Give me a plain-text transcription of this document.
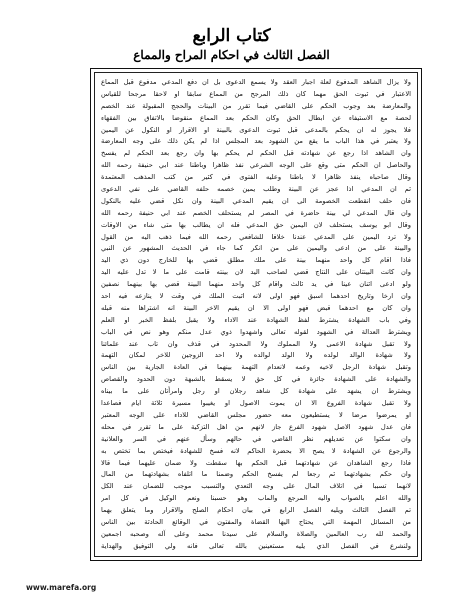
كتاب الرابع
الفصل الثالث في احكام المراح والمماع
ولا يزال الشاهد المدفوع لعلة اجبار العقد ولا يسمع الدعوى بل ان دفع المدعي مدفوع قبل المماع
الاعتبار في ثبوت الحق مهما كان ذلك المرجح من المماع سابقا او لاحقا مرجحا للقياس
والمعارضة بعد وجوب الحكم على القاضي فيما تقرر من البينات والحجج المقبولة عند الخصم
لحصة مع الاستيفاء عن ابطال الحق وكان الحكم بعد المماع منقوضا بالاتفاق بين الفقهاء
فلا يجوز له ان يحكم بالمدعى قبل ثبوت الدعوى بالبينة او الاقرار او النكول عن اليمين
ولا يعتبر في هذا الباب ما يقع من الشهود بعد المجلس اذا لم يكن ذلك على وجه المعارضة
وان الشاهد اذا رجع عن شهادته قبل الحكم لم يحكم بها وان رجع بعد الحكم لم يفسخ
والحاصل ان الحكم متى وقع على الوجه الشرعي نفذ ظاهرا وباطنا عند ابي حنيفة رحمه الله
وقال صاحباه ينفذ ظاهرا لا باطنا وعليه الفتوى في كثير من كتب المذهب المعتمدة
ثم ان المدعي اذا عجز عن البينة وطلب يمين خصمه حلفه القاضي على نفي الدعوى
فان حلف انقطعت الخصومة الى ان يقيم المدعي البينة وان نكل قضي عليه بالنكول
وان قال المدعي لي بينة حاضرة في المصر لم يستحلف الخصم عند ابي حنيفة رحمه الله
وقال ابو يوسف يستحلف لان اليمين حق المدعي فله ان يطالب بها متى شاء من الاوقات
ولا ترد اليمين على المدعي عندنا خلافا للشافعي رحمه الله فيما ذهب اليه من القول
والبينة على من ادعى واليمين على من انكر كما جاء في الحديث المشهور عن النبي
فاذا اقام كل واحد منهما بينة على ملك مطلق قضي بها للخارج دون ذي اليد
وان كانت البينتان على النتاج قضي لصاحب اليد لان بينته قامت على ما لا تدل عليه اليد
ولو ادعى اثنان عينا في يد ثالث واقام كل واحد منهما البينة قضي بها بينهما نصفين
وان ارخا وتاريخ احدهما اسبق فهو اولى لانه اثبت الملك في وقت لا ينازعه فيه احد
وان كان مع احدهما قبض فهو اولى الا ان يقيم الاخر البينة انه اشتراها منه قبله
وفي باب الشهادة يشترط لفظ الشهادة عند الاداء ولا يقبل بلفظ الخبر او العلم
ويشترط العدالة في الشهود لقوله تعالى واشهدوا ذوي عدل منكم وهو نص في الباب
ولا تقبل شهادة الاعمى ولا المملوك ولا المحدود في قذف وان تاب عند علمائنا
ولا شهادة الوالد لولده ولا الولد لوالده ولا احد الزوجين للاخر لمكان التهمة
وتقبل شهادة الرجل لاخيه وعمه لانعدام التهمة بينهما في العادة الجارية بين الناس
والشهادة على الشهادة جائزة في كل حق لا يسقط بالشبهة دون الحدود والقصاص
ويشترط ان يشهد على شهادة كل شاهد رجلان او رجل وامرأتان على ما بيناه
ولا تقبل شهادة الفروع الا ان يموت الاصول او يغيبوا مسيرة ثلاثة ايام فصاعدا
او يمرضوا مرضا لا يستطيعون معه حضور مجلس القاضي للاداء على الوجه المعتبر
فان عدل شهود الاصل شهود الفرع جاز لانهم من اهل التزكية على ما تقرر في محله
وان سكتوا عن تعديلهم نظر القاضي في حالهم وسأل عنهم في السر والعلانية
والرجوع عن الشهادة لا يصح الا بحضرة الحاكم لانه فسخ للشهادة فيختص بما تختص به
فاذا رجع الشاهدان عن شهادتهما قبل الحكم بها سقطت ولا ضمان عليهما فيما قالا
وان حكم بشهادتهما ثم رجعا لم يفسخ الحكم وضمنا ما اتلفاه بشهادتهما من المال
لانهما تسببا في اتلاف المال على وجه التعدي والتسبب موجب للضمان عند الكل
والله اعلم بالصواب واليه المرجع والماب وهو حسبنا ونعم الوكيل في كل امر
تم الفصل الثالث ويليه الفصل الرابع في بيان احكام الصلح والاقرار وما يتعلق بهما
من المسائل المهمة التي يحتاج اليها القضاة والمفتون في الوقائع الحادثة بين الناس
والحمد لله رب العالمين والصلاة والسلام على سيدنا محمد وعلى آله وصحبه اجمعين
ولنشرع في الفصل الذي يليه مستعينين بالله تعالى فانه ولي التوفيق والهداية
www.marefa.org
